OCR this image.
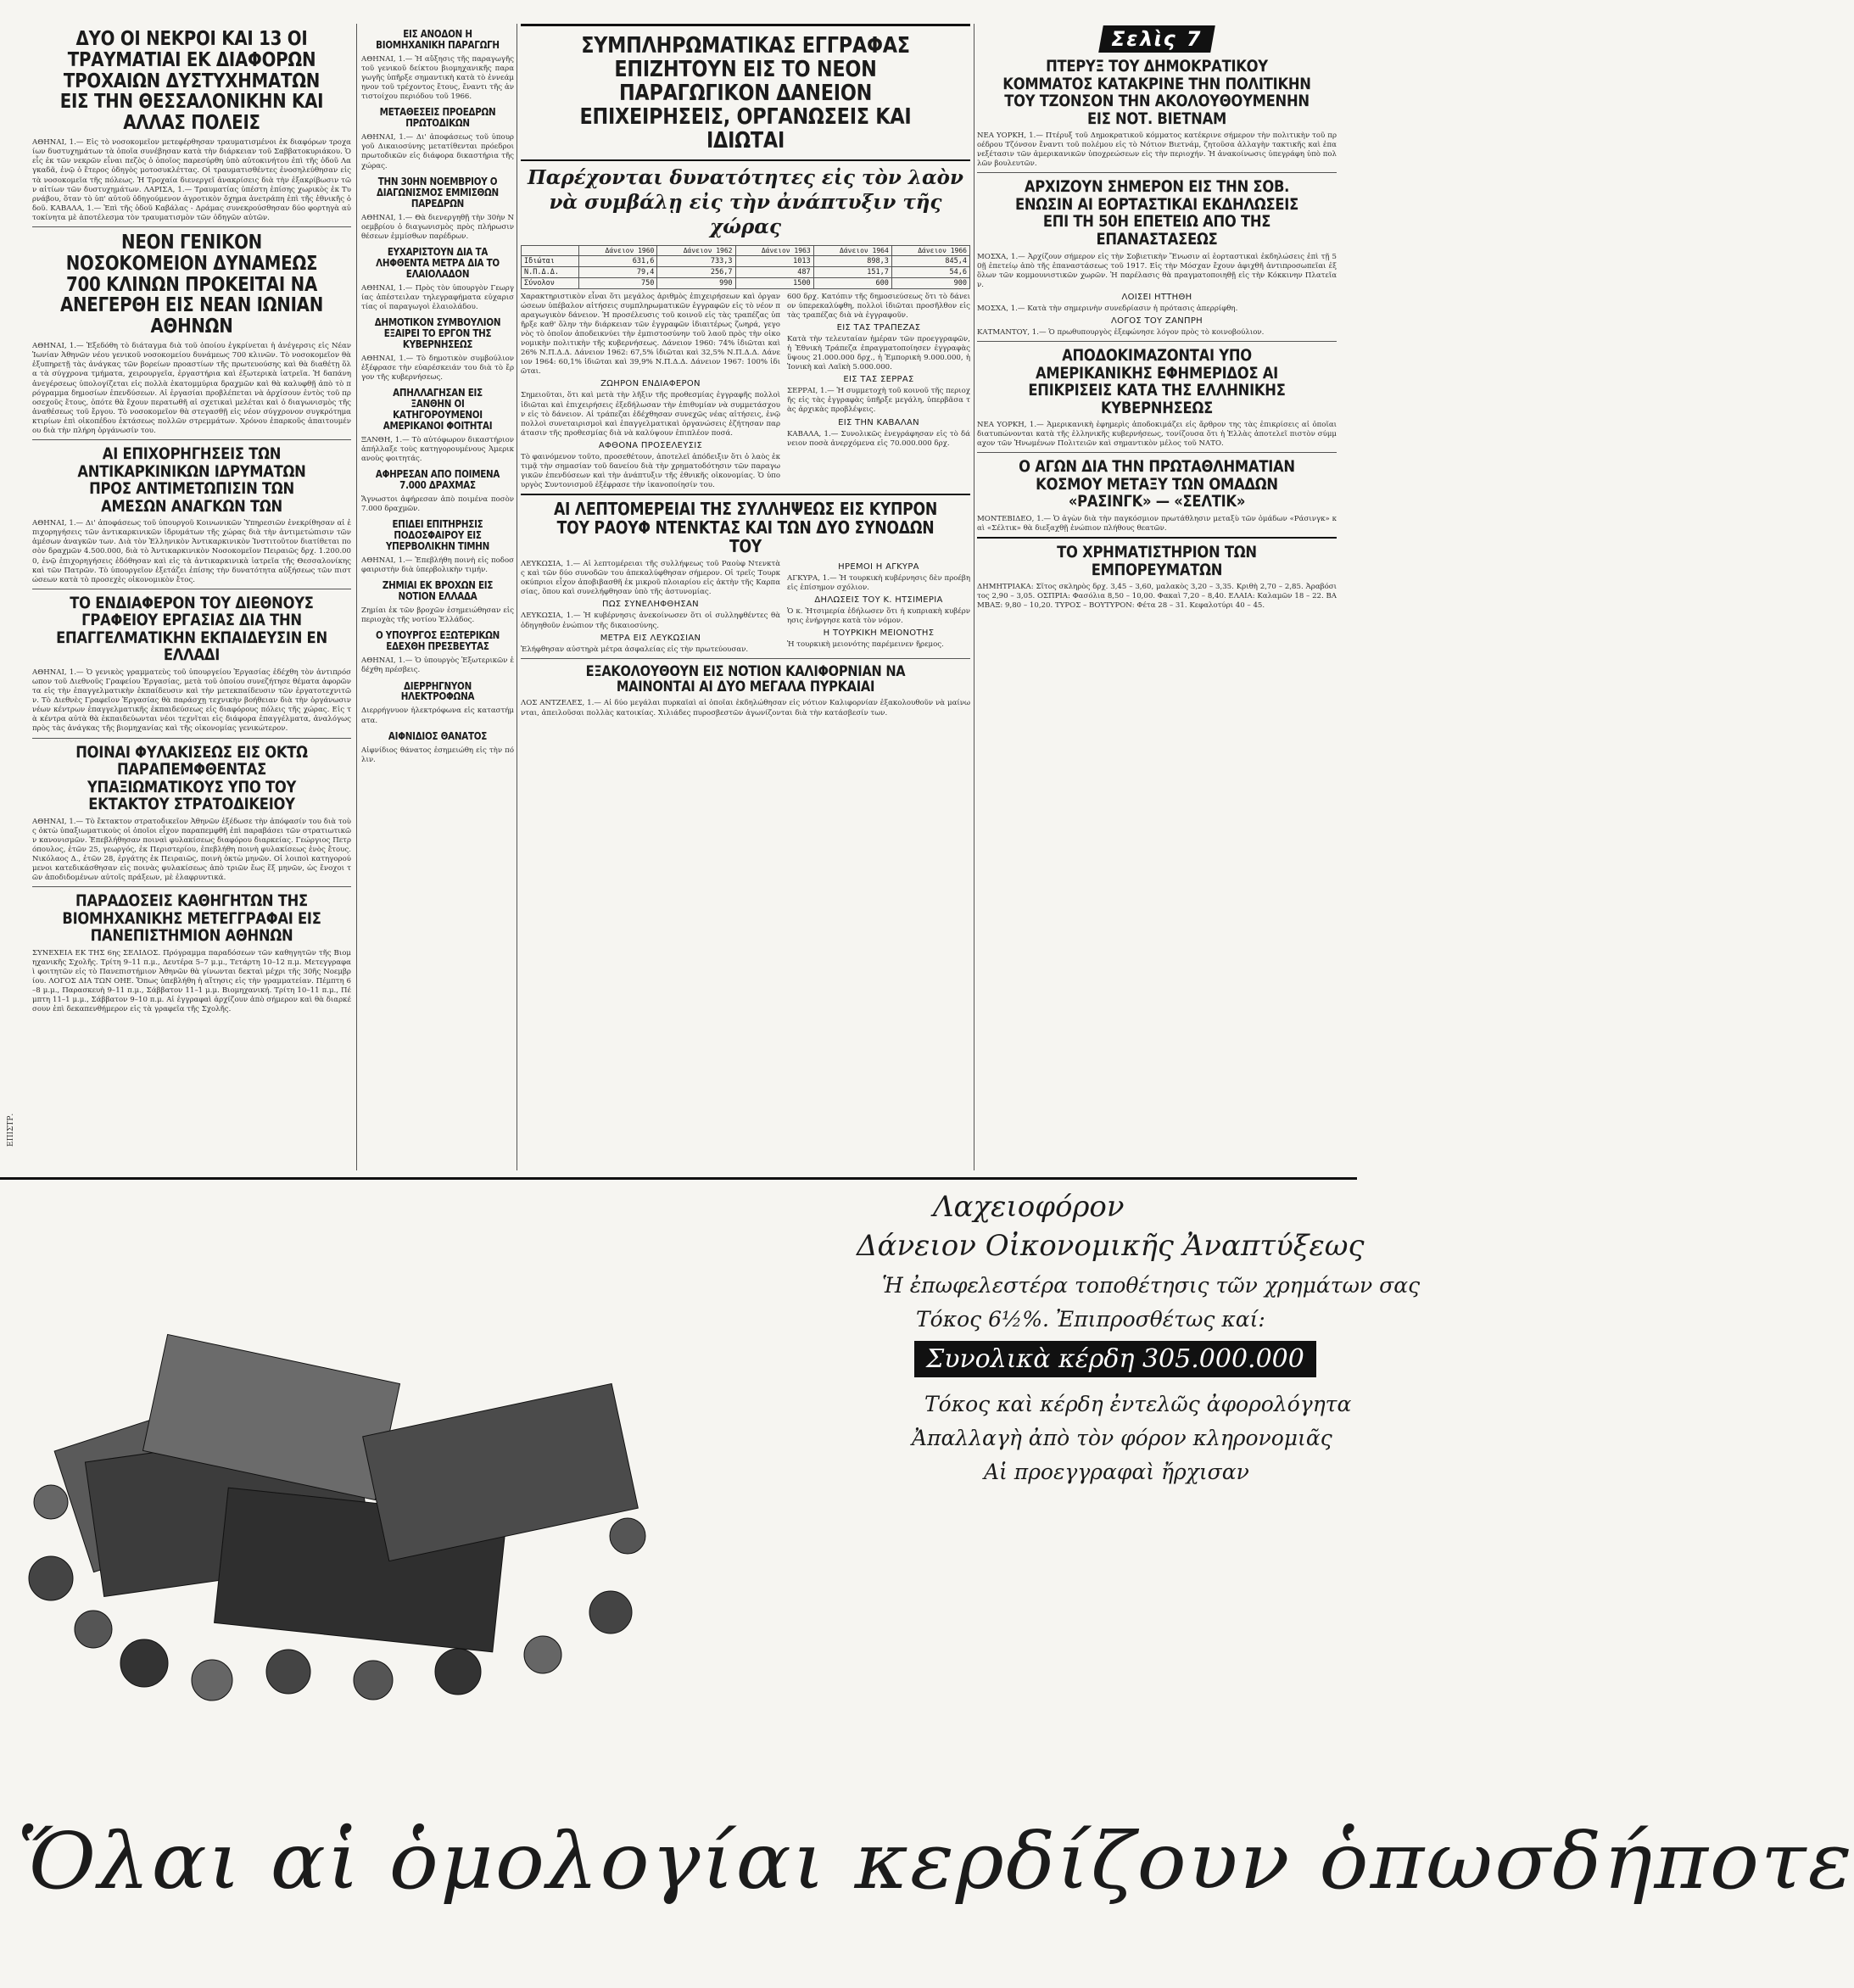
ΔΥΟ ΟΙ ΝΕΚΡΟΙ ΚΑΙ 13 ΟΙ ΤΡΑΥΜΑΤΙΑΙ ΕΚ ΔΙΑΦΟΡΩΝ ΤΡΟΧΑΙΩΝ ΔΥΣΤΥΧΗΜΑΤΩΝ ΕΙΣ ΤΗΝ ΘΕΣΣΑΛΟΝΙΚΗΝ ΚΑΙ ΑΛΛΑΣ ΠΟΛΕΙΣ

ΑΘΗΝΑΙ, 1.— Εἰς τὸ νοσοκομεῖον μετεφέρθησαν τραυματισμένοι ἐκ διαφόρων τροχαίων δυστυχημάτων τὰ ὁποῖα συνέβησαν κατὰ τὴν διάρκειαν τοῦ Σαββατοκυριάκου. Ὁ εἷς ἐκ τῶν νεκρῶν εἶναι πεζὸς ὁ ὁποῖος παρεσύρθη ὑπὸ αὐτοκινήτου ἐπὶ τῆς ὁδοῦ Λαγκαδᾶ, ἐνῷ ὁ ἕτερος ὁδηγὸς μοτοσυκλέττας. Οἱ τραυματισθέντες ἐνοσηλεύθησαν εἰς τὰ νοσοκομεῖα τῆς πόλεως. Ἡ Τροχαία διενεργεῖ ἀνακρίσεις διὰ τὴν ἐξακρίβωσιν τῶν αἰτίων τῶν δυστυχημάτων. ΛΑΡΙΣΑ, 1.— Τραυματίας ὑπέστη ἐπίσης χωρικὸς ἐκ Τυρνάβου, ὅταν τὸ ὑπ' αὐτοῦ ὁδηγούμενον ἀγροτικὸν ὄχημα ἀνετράπη ἐπὶ τῆς ἐθνικῆς ὁδοῦ. ΚΑΒΑΛΑ, 1.— Ἐπὶ τῆς ὁδοῦ Καβάλας - Δράμας συνεκρούσθησαν δύο φορτηγὰ αὐτοκίνητα μὲ ἀποτέλεσμα τὸν τραυματισμὸν τῶν ὁδηγῶν αὐτῶν.

ΝΕΟΝ ΓΕΝΙΚΟΝ ΝΟΣΟΚΟΜΕΙΟΝ ΔΥΝΑΜΕΩΣ 700 ΚΛΙΝΩΝ ΠΡΟΚΕΙΤΑΙ ΝΑ ΑΝΕΓΕΡΘΗ ΕΙΣ ΝΕΑΝ ΙΩΝΙΑΝ ΑΘΗΝΩΝ

ΑΘΗΝΑΙ, 1.— Ἐξεδόθη τὸ διάταγμα διὰ τοῦ ὁποίου ἐγκρίνεται ἡ ἀνέγερσις εἰς Νέαν Ἰωνίαν Ἀθηνῶν νέου γενικοῦ νοσοκομείου δυνάμεως 700 κλινῶν. Τὸ νοσοκομεῖον θὰ ἐξυπηρετῇ τὰς ἀνάγκας τῶν βορείων προαστίων τῆς πρωτευούσης καὶ θὰ διαθέτῃ ὅλα τὰ σύγχρονα τμήματα, χειρουργεῖα, ἐργαστήρια καὶ ἐξωτερικὰ ἰατρεῖα. Ἡ δαπάνη ἀνεγέρσεως ὑπολογίζεται εἰς πολλὰ ἑκατομμύρια δραχμῶν καὶ θὰ καλυφθῇ ἀπὸ τὸ πρόγραμμα δημοσίων ἐπενδύσεων. Αἱ ἐργασίαι προβλέπεται νὰ ἀρχίσουν ἐντὸς τοῦ προσεχοῦς ἔτους, ὁπότε θὰ ἔχουν περατωθῆ αἱ σχετικαὶ μελέται καὶ ὁ διαγωνισμὸς τῆς ἀναθέσεως τοῦ ἔργου. Τὸ νοσοκομεῖον θὰ στεγασθῇ εἰς νέον σύγχρονον συγκρότημα κτιρίων ἐπὶ οἰκοπέδου ἐκτάσεως πολλῶν στρεμμάτων. Χρόνου ἐπαρκοῦς ἀπαιτουμένου διὰ τὴν πλήρη ὀργάνωσίν του.

ΑΙ ΕΠΙΧΟΡΗΓΗΣΕΙΣ ΤΩΝ ΑΝΤΙΚΑΡΚΙΝΙΚΩΝ ΙΔΡΥΜΑΤΩΝ ΠΡΟΣ ΑΝΤΙΜΕΤΩΠΙΣΙΝ ΤΩΝ ΑΜΕΣΩΝ ΑΝΑΓΚΩΝ ΤΩΝ

ΑΘΗΝΑΙ, 1.— Δι' ἀποφάσεως τοῦ ὑπουργοῦ Κοινωνικῶν Ὑπηρεσιῶν ἐνεκρίθησαν αἱ ἐπιχορηγήσεις τῶν ἀντικαρκινικῶν ἱδρυμάτων τῆς χώρας διὰ τὴν ἀντιμετώπισιν τῶν ἀμέσων ἀναγκῶν των. Διὰ τὸν Ἑλληνικὸν Ἀντικαρκινικὸν Ἰνστιτοῦτον διατίθεται ποσὸν δραχμῶν 4.500.000, διὰ τὸ Ἀντικαρκινικὸν Νοσοκομεῖον Πειραιῶς δρχ. 1.200.000, ἐνῷ ἐπιχορηγήσεις ἐδόθησαν καὶ εἰς τὰ ἀντικαρκινικὰ ἰατρεῖα τῆς Θεσσαλονίκης καὶ τῶν Πατρῶν. Τὸ ὑπουργεῖον ἐξετάζει ἐπίσης τὴν δυνατότητα αὐξήσεως τῶν πιστώσεων κατὰ τὸ προσεχὲς οἰκονομικὸν ἔτος.

ΤΟ ΕΝΔΙΑΦΕΡΟΝ ΤΟΥ ΔΙΕΘΝΟΥΣ ΓΡΑΦΕΙΟΥ ΕΡΓΑΣΙΑΣ ΔΙΑ ΤΗΝ ΕΠΑΓΓΕΛΜΑΤΙΚΗΝ ΕΚΠΑΙΔΕΥΣΙΝ ΕΝ ΕΛΛΑΔΙ

ΑΘΗΝΑΙ, 1.— Ὁ γενικὸς γραμματεὺς τοῦ ὑπουργείου Ἐργασίας ἐδέχθη τὸν ἀντιπρόσωπον τοῦ Διεθνοῦς Γραφείου Ἐργασίας, μετὰ τοῦ ὁποίου συνεζήτησε θέματα ἀφορῶντα εἰς τὴν ἐπαγγελματικὴν ἐκπαίδευσιν καὶ τὴν μετεκπαίδευσιν τῶν ἐργατοτεχνιτῶν. Τὸ Διεθνὲς Γραφεῖον Ἐργασίας θὰ παράσχῃ τεχνικὴν βοήθειαν διὰ τὴν ὀργάνωσιν νέων κέντρων ἐπαγγελματικῆς ἐκπαιδεύσεως εἰς διαφόρους πόλεις τῆς χώρας. Εἰς τὰ κέντρα αὐτὰ θὰ ἐκπαιδεύωνται νέοι τεχνῖται εἰς διάφορα ἐπαγγέλματα, ἀναλόγως πρὸς τὰς ἀνάγκας τῆς βιομηχανίας καὶ τῆς οἰκονομίας γενικώτερον.

ΠΟΙΝΑΙ ΦΥΛΑΚΙΣΕΩΣ ΕΙΣ ΟΚΤΩ ΠΑΡΑΠΕΜΦΘΕΝΤΑΣ ΥΠΑΞΙΩΜΑΤΙΚΟΥΣ ΥΠΟ ΤΟΥ ΕΚΤΑΚΤΟΥ ΣΤΡΑΤΟΔΙΚΕΙΟΥ

ΑΘΗΝΑΙ, 1.— Τὸ ἔκτακτον στρατοδικεῖον Ἀθηνῶν ἐξέδωσε τὴν ἀπόφασίν του διὰ τοὺς ὀκτὼ ὑπαξιωματικοὺς οἱ ὁποῖοι εἶχον παραπεμφθῆ ἐπὶ παραβάσει τῶν στρατιωτικῶν κανονισμῶν. Ἐπεβλήθησαν ποιναὶ φυλακίσεως διαφόρου διαρκείας. Γεώργιος Πετρόπουλος, ἐτῶν 25, γεωργός, ἐκ Περιστερίου, ἐπεβλήθη ποινὴ φυλακίσεως ἑνὸς ἔτους. Νικόλαος Δ., ἐτῶν 28, ἐργάτης ἐκ Πειραιῶς, ποινὴ ὀκτὼ μηνῶν. Οἱ λοιποὶ κατηγορούμενοι κατεδικάσθησαν εἰς ποινὰς φυλακίσεως ἀπὸ τριῶν ἕως ἕξ μηνῶν, ὡς ἔνοχοι τῶν ἀποδιδομένων αὐτοῖς πράξεων, μὲ ἐλαφρυντικά.

ΠΑΡΑΔΟΣΕΙΣ ΚΑΘΗΓΗΤΩΝ ΤΗΣ ΒΙΟΜΗΧΑΝΙΚΗΣ ΜΕΤΕΓΓΡΑΦΑΙ ΕΙΣ ΠΑΝΕΠΙΣΤΗΜΙΟΝ ΑΘΗΝΩΝ

ΣΥΝΕΧΕΙΑ ΕΚ ΤΗΣ 6ης ΣΕΛΙΔΟΣ. Πρόγραμμα παραδόσεων τῶν καθηγητῶν τῆς Βιομηχανικῆς Σχολῆς. Τρίτη 9–11 π.μ., Δευτέρα 5–7 μ.μ., Τετάρτη 10–12 π.μ. Μετεγγραφαὶ φοιτητῶν εἰς τὸ Πανεπιστήμιον Ἀθηνῶν θὰ γίνωνται δεκταὶ μέχρι τῆς 30ῆς Νοεμβρίου. ΛΟΓΟΣ ΔΙΑ ΤΩΝ ΟΗΕ. Ὅπως ὑπεβλήθη ἡ αἴτησις εἰς τὴν γραμματείαν. Πέμπτη 6–8 μ.μ., Παρασκευὴ 9–11 π.μ., Σάββατον 11–1 μ.μ. Βιομηχανική. Τρίτη 10–11 π.μ., Πέμπτη 11–1 μ.μ., Σάββατον 9–10 π.μ. Αἱ ἐγγραφαὶ ἀρχίζουν ἀπὸ σήμερον καὶ θὰ διαρκέσουν ἐπὶ δεκαπενθήμερον εἰς τὰ γραφεῖα τῆς Σχολῆς.

ΕΙΣ ΑΝΟΔΟΝ Η ΒΙΟΜΗΧΑΝΙΚΗ ΠΑΡΑΓΩΓΗ

ΑΘΗΝΑΙ, 1.— Ἡ αὔξησις τῆς παραγωγῆς τοῦ γενικοῦ δείκτου βιομηχανικῆς παραγωγῆς ὑπῆρξε σημαντικὴ κατὰ τὸ ἐννεάμηνον τοῦ τρέχοντος ἔτους, ἔναντι τῆς ἀντιστοίχου περιόδου τοῦ 1966.

ΜΕΤΑΘΕΣΕΙΣ ΠΡΟΕΔΡΩΝ ΠΡΩΤΟΔΙΚΩΝ

ΑΘΗΝΑΙ, 1.— Δι' ἀποφάσεως τοῦ ὑπουργοῦ Δικαιοσύνης μετατίθενται πρόεδροι πρωτοδικῶν εἰς διάφορα δικαστήρια τῆς χώρας.

ΤΗΝ 30ΗΝ ΝΟΕΜΒΡΙΟΥ Ο ΔΙΑΓΩΝΙΣΜΟΣ ΕΜΜΙΣΘΩΝ ΠΑΡΕΔΡΩΝ

ΑΘΗΝΑΙ, 1.— Θὰ διενεργηθῇ τὴν 30ὴν Νοεμβρίου ὁ διαγωνισμὸς πρὸς πλήρωσιν θέσεων ἐμμίσθων παρέδρων.

ΕΥΧΑΡΙΣΤΟΥΝ ΔΙΑ ΤΑ ΛΗΦΘΕΝΤΑ ΜΕΤΡΑ ΔΙΑ ΤΟ ΕΛΑΙΟΛΑΔΟΝ

ΑΘΗΝΑΙ, 1.— Πρὸς τὸν ὑπουργὸν Γεωργίας ἀπέστειλαν τηλεγραφήματα εὐχαριστίας οἱ παραγωγοὶ ἐλαιολάδου.

ΔΗΜΟΤΙΚΟΝ ΣΥΜΒΟΥΛΙΟΝ ΕΞΑΙΡΕΙ ΤΟ ΕΡΓΟΝ ΤΗΣ ΚΥΒΕΡΝΗΣΕΩΣ

ΑΘΗΝΑΙ, 1.— Τὸ δημοτικὸν συμβούλιον ἐξέφρασε τὴν εὐαρέσκειάν του διὰ τὸ ἔργον τῆς κυβερνήσεως.

ΑΠΗΛΛΑΓΗΣΑΝ ΕΙΣ ΞΑΝΘΗΝ ΟΙ ΚΑΤΗΓΟΡΟΥΜΕΝΟΙ ΑΜΕΡΙΚΑΝΟΙ ΦΟΙΤΗΤΑΙ

ΞΑΝΘΗ, 1.— Τὸ αὐτόφωρον δικαστήριον ἀπήλλαξε τοὺς κατηγορουμένους Ἀμερικανοὺς φοιτητάς.

ΑΦΗΡΕΣΑΝ ΑΠΟ ΠΟΙΜΕΝΑ 7.000 ΔΡΑΧΜΑΣ

Ἄγνωστοι ἀφήρεσαν ἀπὸ ποιμένα ποσὸν 7.000 δραχμῶν.

ΕΠΙΔΕΙ ΕΠΙΤΗΡΗΣΙΣ ΠΟΔΟΣΦΑΙΡΟΥ ΕΙΣ ΥΠΕΡΒΟΛΙΚΗΝ ΤΙΜΗΝ

ΑΘΗΝΑΙ, 1.— Ἐπεβλήθη ποινὴ εἰς ποδοσφαιριστὴν διὰ ὑπερβολικὴν τιμήν.

ΖΗΜΙΑΙ ΕΚ ΒΡΟΧΩΝ ΕΙΣ ΝΟΤΙΟΝ ΕΛΛΑΔΑ

Ζημίαι ἐκ τῶν βροχῶν ἐσημειώθησαν εἰς περιοχὰς τῆς νοτίου Ἑλλάδος.

Ο ΥΠΟΥΡΓΟΣ ΕΞΩΤΕΡΙΚΩΝ ΕΔΕΧΘΗ ΠΡΕΣΒΕΥΤΑΣ

ΑΘΗΝΑΙ, 1.— Ὁ ὑπουργὸς Ἐξωτερικῶν ἐδέχθη πρέσβεις.

ΔΙΕΡΡΗΓΝΥΟΝ ΗΛΕΚΤΡΟΦΩΝΑ

Διερρήγνυον ἠλεκτρόφωνα εἰς καταστήματα.

ΑΙΦΝΙΔΙΟΣ ΘΑΝΑΤΟΣ

Αἰφνίδιος θάνατος ἐσημειώθη εἰς τὴν πόλιν.

ΣΥΜΠΛΗΡΩΜΑΤΙΚΑΣ ΕΓΓΡΑΦΑΣ ΕΠΙΖΗΤΟΥΝ ΕΙΣ ΤΟ ΝΕΟΝ ΠΑΡΑΓΩΓΙΚΟΝ ΔΑΝΕΙΟΝ ΕΠΙΧΕΙΡΗΣΕΙΣ, ΟΡΓΑΝΩΣΕΙΣ ΚΑΙ ΙΔΙΩΤΑΙ
Παρέχονται δυνατότητες εἰς τὸν λαὸν νὰ συμβάλῃ εἰς τὴν ἀνάπτυξιν τῆς χώρας
	Δάνειον 1960	Δάνειον 1962	Δάνειον 1963	Δάνειον 1964	Δάνειον 1966
Ιδιώται	631,6	733,3	1013	898,3	845,4
Ν.Π.Δ.Δ.	79,4	256,7	487	151,7	54,6
Σύνολον	750	990	1500	600	900

Χαρακτηριστικὸν εἶναι ὅτι μεγάλος ἀριθμὸς ἐπιχειρήσεων καὶ ὀργανώσεων ὑπέβαλον αἰτήσεις συμπληρωματικῶν ἐγγραφῶν εἰς τὸ νέον παραγωγικὸν δάνειον. Ἡ προσέλευσις τοῦ κοινοῦ εἰς τὰς τραπέζας ὑπῆρξε καθ' ὅλην τὴν διάρκειαν τῶν ἐγγραφῶν ἰδιαιτέρως ζωηρά, γεγονὸς τὸ ὁποῖον ἀποδεικνύει τὴν ἐμπιστοσύνην τοῦ λαοῦ πρὸς τὴν οἰκονομικὴν πολιτικὴν τῆς κυβερνήσεως. Δάνειον 1960: 74% ἰδιῶται καὶ 26% Ν.Π.Δ.Δ. Δάνειον 1962: 67,5% ἰδιῶται καὶ 32,5% Ν.Π.Δ.Δ. Δάνειον 1964: 60,1% ἰδιῶται καὶ 39,9% Ν.Π.Δ.Δ. Δάνειον 1967: 100% ἰδιῶται.

ΖΩΗΡΟΝ ΕΝΔΙΑΦΕΡΟΝ

Σημειοῦται, ὅτι καὶ μετὰ τὴν λῆξιν τῆς προθεσμίας ἐγγραφῆς πολλοὶ ἰδιῶται καὶ ἐπιχειρήσεις ἐξεδήλωσαν τὴν ἐπιθυμίαν νὰ συμμετάσχουν εἰς τὸ δάνειον. Αἱ τράπεζαι ἐδέχθησαν συνεχῶς νέας αἰτήσεις, ἐνῷ πολλοὶ συνεταιρισμοὶ καὶ ἐπαγγελματικαὶ ὀργανώσεις ἐζήτησαν παράτασιν τῆς προθεσμίας διὰ νὰ καλύψουν ἐπιπλέον ποσά.

ΑΦΘΟΝΑ ΠΡΟΣΕΛΕΥΣΙΣ

Τὸ φαινόμενον τοῦτο, προσεθέτουν, ἀποτελεῖ ἀπόδειξιν ὅτι ὁ λαὸς ἐκτιμᾷ τὴν σημασίαν τοῦ δανείου διὰ τὴν χρηματοδότησιν τῶν παραγωγικῶν ἐπενδύσεων καὶ τὴν ἀνάπτυξιν τῆς ἐθνικῆς οἰκονομίας. Ὁ ὑπουργὸς Συντονισμοῦ ἐξέφρασε τὴν ἱκανοποίησίν του.

600 δρχ. Κατόπιν τῆς δημοσιεύσεως ὅτι τὸ δάνειον ὑπερεκαλύφθη, πολλοὶ ἰδιῶται προσῆλθον εἰς τὰς τραπέζας διὰ νὰ ἐγγραφοῦν.

ΕΙΣ ΤΑΣ ΤΡΑΠΕΖΑΣ

Κατὰ τὴν τελευταίαν ἡμέραν τῶν προεγγραφῶν, ἡ Ἐθνικὴ Τράπεζα ἐπραγματοποίησεν ἐγγραφὰς ὕψους 21.000.000 δρχ., ἡ Ἐμπορικὴ 9.000.000, ἡ Ἰονικὴ καὶ Λαϊκὴ 5.000.000.

ΕΙΣ ΤΑΣ ΣΕΡΡΑΣ

ΣΕΡΡΑΙ, 1.— Ἡ συμμετοχὴ τοῦ κοινοῦ τῆς περιοχῆς εἰς τὰς ἐγγραφὰς ὑπῆρξε μεγάλη, ὑπερβᾶσα τὰς ἀρχικὰς προβλέψεις.

ΕΙΣ ΤΗΝ ΚΑΒΑΛΑΝ

ΚΑΒΑΛΑ, 1.— Συνολικῶς ἐνεγράφησαν εἰς τὸ δάνειον ποσὰ ἀνερχόμενα εἰς 70.000.000 δρχ.

ΑΙ ΛΕΠΤΟΜΕΡΕΙΑΙ ΤΗΣ ΣΥΛΛΗΨΕΩΣ ΕΙΣ ΚΥΠΡΟΝ ΤΟΥ ΡΑΟΥΦ ΝΤΕΝΚΤΑΣ ΚΑΙ ΤΩΝ ΔΥΟ ΣΥΝΟΔΩΝ ΤΟΥ

ΛΕΥΚΩΣΙΑ, 1.— Αἱ λεπτομέρειαι τῆς συλλήψεως τοῦ Ραοὺφ Ντενκτὰς καὶ τῶν δύο συνοδῶν του ἀπεκαλύφθησαν σήμερον. Οἱ τρεῖς Τουρκοκύπριοι εἶχον ἀποβιβασθῆ ἐκ μικροῦ πλοιαρίου εἰς ἀκτὴν τῆς Καρπασίας, ὅπου καὶ συνελήφθησαν ὑπὸ τῆς ἀστυνομίας.

ΠΩΣ ΣΥΝΕΛΗΦΘΗΣΑΝ

ΛΕΥΚΩΣΙΑ, 1.— Ἡ κυβέρνησις ἀνεκοίνωσεν ὅτι οἱ συλληφθέντες θὰ ὁδηγηθοῦν ἐνώπιον τῆς δικαιοσύνης.

ΜΕΤΡΑ ΕΙΣ ΛΕΥΚΩΣΙΑΝ

Ἐλήφθησαν αὐστηρὰ μέτρα ἀσφαλείας εἰς τὴν πρωτεύουσαν.

ΗΡΕΜΟΙ Η ΑΓΚΥΡΑ

ΑΓΚΥΡΑ, 1.— Ἡ τουρκικὴ κυβέρνησις δὲν προέβη εἰς ἐπίσημον σχόλιον.

ΔΗΛΩΣΕΙΣ ΤΟΥ Κ. ΗΤΣΙΜΕΡΙΑ

Ὁ κ. Ἠτσιμερία ἐδήλωσεν ὅτι ἡ κυπριακὴ κυβέρνησις ἐνήργησε κατὰ τὸν νόμον.

Η ΤΟΥΡΚΙΚΗ ΜΕΙΟΝΟΤΗΣ

Ἡ τουρκικὴ μειονότης παρέμεινεν ἤρεμος.

ΕΞΑΚΟΛΟΥΘΟΥΝ ΕΙΣ ΝΟΤΙΟΝ ΚΑΛΙΦΟΡΝΙΑΝ ΝΑ ΜΑΙΝΟΝΤΑΙ ΑΙ ΔΥΟ ΜΕΓΑΛΑ ΠΥΡΚΑΙΑΙ

ΛΟΣ ΑΝΤΖΕΛΕΣ, 1.— Αἱ δύο μεγάλαι πυρκαϊαὶ αἱ ὁποῖαι ἐκδηλώθησαν εἰς νότιον Καλιφορνίαν ἐξακολουθοῦν νὰ μαίνωνται, ἀπειλοῦσαι πολλὰς κατοικίας. Χιλιάδες πυροσβεστῶν ἀγωνίζονται διὰ τὴν κατάσβεσίν των.

Σελὶς 7
ΠΤΕΡΥΞ ΤΟΥ ΔΗΜΟΚΡΑΤΙΚΟΥ ΚΟΜΜΑΤΟΣ ΚΑΤΑΚΡΙΝΕ ΤΗΝ ΠΟΛΙΤΙΚΗΝ ΤΟΥ ΤΖΟΝΣΟΝ ΤΗΝ ΑΚΟΛΟΥΘΟΥΜΕΝΗΝ ΕΙΣ ΝΟΤ. ΒΙΕΤΝΑΜ

ΝΕΑ ΥΟΡΚΗ, 1.— Πτέρυξ τοῦ Δημοκρατικοῦ κόμματος κατέκρινε σήμερον τὴν πολιτικὴν τοῦ προέδρου Τζόνσον ἔναντι τοῦ πολέμου εἰς τὸ Νότιον Βιετνάμ, ζητοῦσα ἀλλαγὴν τακτικῆς καὶ ἐπανεξέτασιν τῶν ἀμερικανικῶν ὑποχρεώσεων εἰς τὴν περιοχήν. Ἡ ἀνακοίνωσις ὑπεγράφη ὑπὸ πολλῶν βουλευτῶν.

ΑΡΧΙΖΟΥΝ ΣΗΜΕΡΟΝ ΕΙΣ ΤΗΝ ΣΟΒ. ΕΝΩΣΙΝ ΑΙ ΕΟΡΤΑΣΤΙΚΑΙ ΕΚΔΗΛΩΣΕΙΣ ΕΠΙ ΤΗ 50Η ΕΠΕΤΕΙΩ ΑΠΟ ΤΗΣ ΕΠΑΝΑΣΤΑΣΕΩΣ

ΜΟΣΧΑ, 1.— Ἀρχίζουν σήμερον εἰς τὴν Σοβιετικὴν Ἕνωσιν αἱ ἑορταστικαὶ ἐκδηλώσεις ἐπὶ τῇ 50ῇ ἐπετείῳ ἀπὸ τῆς ἐπαναστάσεως τοῦ 1917. Εἰς τὴν Μόσχαν ἔχουν ἀφιχθῆ ἀντιπροσωπεῖαι ἐξ ὅλων τῶν κομμουνιστικῶν χωρῶν. Ἡ παρέλασις θὰ πραγματοποιηθῇ εἰς τὴν Κόκκινην Πλατεῖαν.

ΛΟΙΣΕΙ ΗΤΤΗΘΗ

ΜΟΣΧΑ, 1.— Κατὰ τὴν σημερινὴν συνεδρίασιν ἡ πρότασις ἀπερρίφθη.

ΛΟΓΟΣ ΤΟΥ ΖΑΝΠΡΗ

ΚΑΤΜΑΝΤΟΥ, 1.— Ὁ πρωθυπουργὸς ἐξεφώνησε λόγον πρὸς τὸ κοινοβούλιον.

ΑΠΟΔΟΚΙΜΑΖΟΝΤΑΙ ΥΠΟ ΑΜΕΡΙΚΑΝΙΚΗΣ ΕΦΗΜΕΡΙΔΟΣ ΑΙ ΕΠΙΚΡΙΣΕΙΣ ΚΑΤΑ ΤΗΣ ΕΛΛΗΝΙΚΗΣ ΚΥΒΕΡΝΗΣΕΩΣ

ΝΕΑ ΥΟΡΚΗ, 1.— Ἀμερικανικὴ ἐφημερὶς ἀποδοκιμάζει εἰς ἄρθρον της τὰς ἐπικρίσεις αἱ ὁποῖαι διατυπώνονται κατὰ τῆς ἑλληνικῆς κυβερνήσεως, τονίζουσα ὅτι ἡ Ἑλλὰς ἀποτελεῖ πιστὸν σύμμαχον τῶν Ἡνωμένων Πολιτειῶν καὶ σημαντικὸν μέλος τοῦ ΝΑΤΟ.

Ο ΑΓΩΝ ΔΙΑ ΤΗΝ ΠΡΩΤΑΘΛΗΜΑΤΙΑΝ ΚΟΣΜΟΥ ΜΕΤΑΞΥ ΤΩΝ ΟΜΑΔΩΝ «ΡΑΣΙΝΓΚ» — «ΣΕΛΤΙΚ»

ΜΟΝΤΕΒΙΔΕΟ, 1.— Ὁ ἀγὼν διὰ τὴν παγκόσμιον πρωτάθλησιν μεταξὺ τῶν ὁμάδων «Ράσινγκ» καὶ «Σέλτικ» θὰ διεξαχθῇ ἐνώπιον πλήθους θεατῶν.

ΤΟ ΧΡΗΜΑΤΙΣΤΗΡΙΟΝ ΤΩΝ ΕΜΠΟΡΕΥΜΑΤΩΝ

ΔΗΜΗΤΡΙΑΚΑ: Σῖτος σκληρὸς δρχ. 3,45 – 3,60, μαλακὸς 3,20 – 3,35. Κριθὴ 2,70 – 2,85. Ἀραβόσιτος 2,90 – 3,05. ΟΣΠΡΙΑ: Φασόλια 8,50 – 10,00. Φακαὶ 7,20 – 8,40. ΕΛΑΙΑ: Καλαμῶν 18 – 22. ΒΑΜΒΑΞ: 9,80 – 10,20. ΤΥΡΟΣ – ΒΟΥΤΥΡΟΝ: Φέτα 28 – 31. Κεφαλοτύρι 40 – 45.

Λαχειοφόρον
Δάνειον Οἰκονομικῆς Ἀναπτύξεως
Ἡ ἐπωφελεστέρα τοποθέτησις τῶν χρημάτων σας
Τόκος 6½%. Ἐπιπροσθέτως καί:
Συνολικὰ κέρδη 305.000.000
Τόκος καὶ κέρδη ἐντελῶς ἀφορολόγητα
Ἀπαλλαγὴ ἀπὸ τὸν φόρον κληρονομιᾶς
Αἱ προεγγραφαὶ ἤρχισαν
Ὅλαι αἱ ὁμολογίαι κερδίζουν ὁπωσδήποτε
ΕΠΙΣΤΡ.
